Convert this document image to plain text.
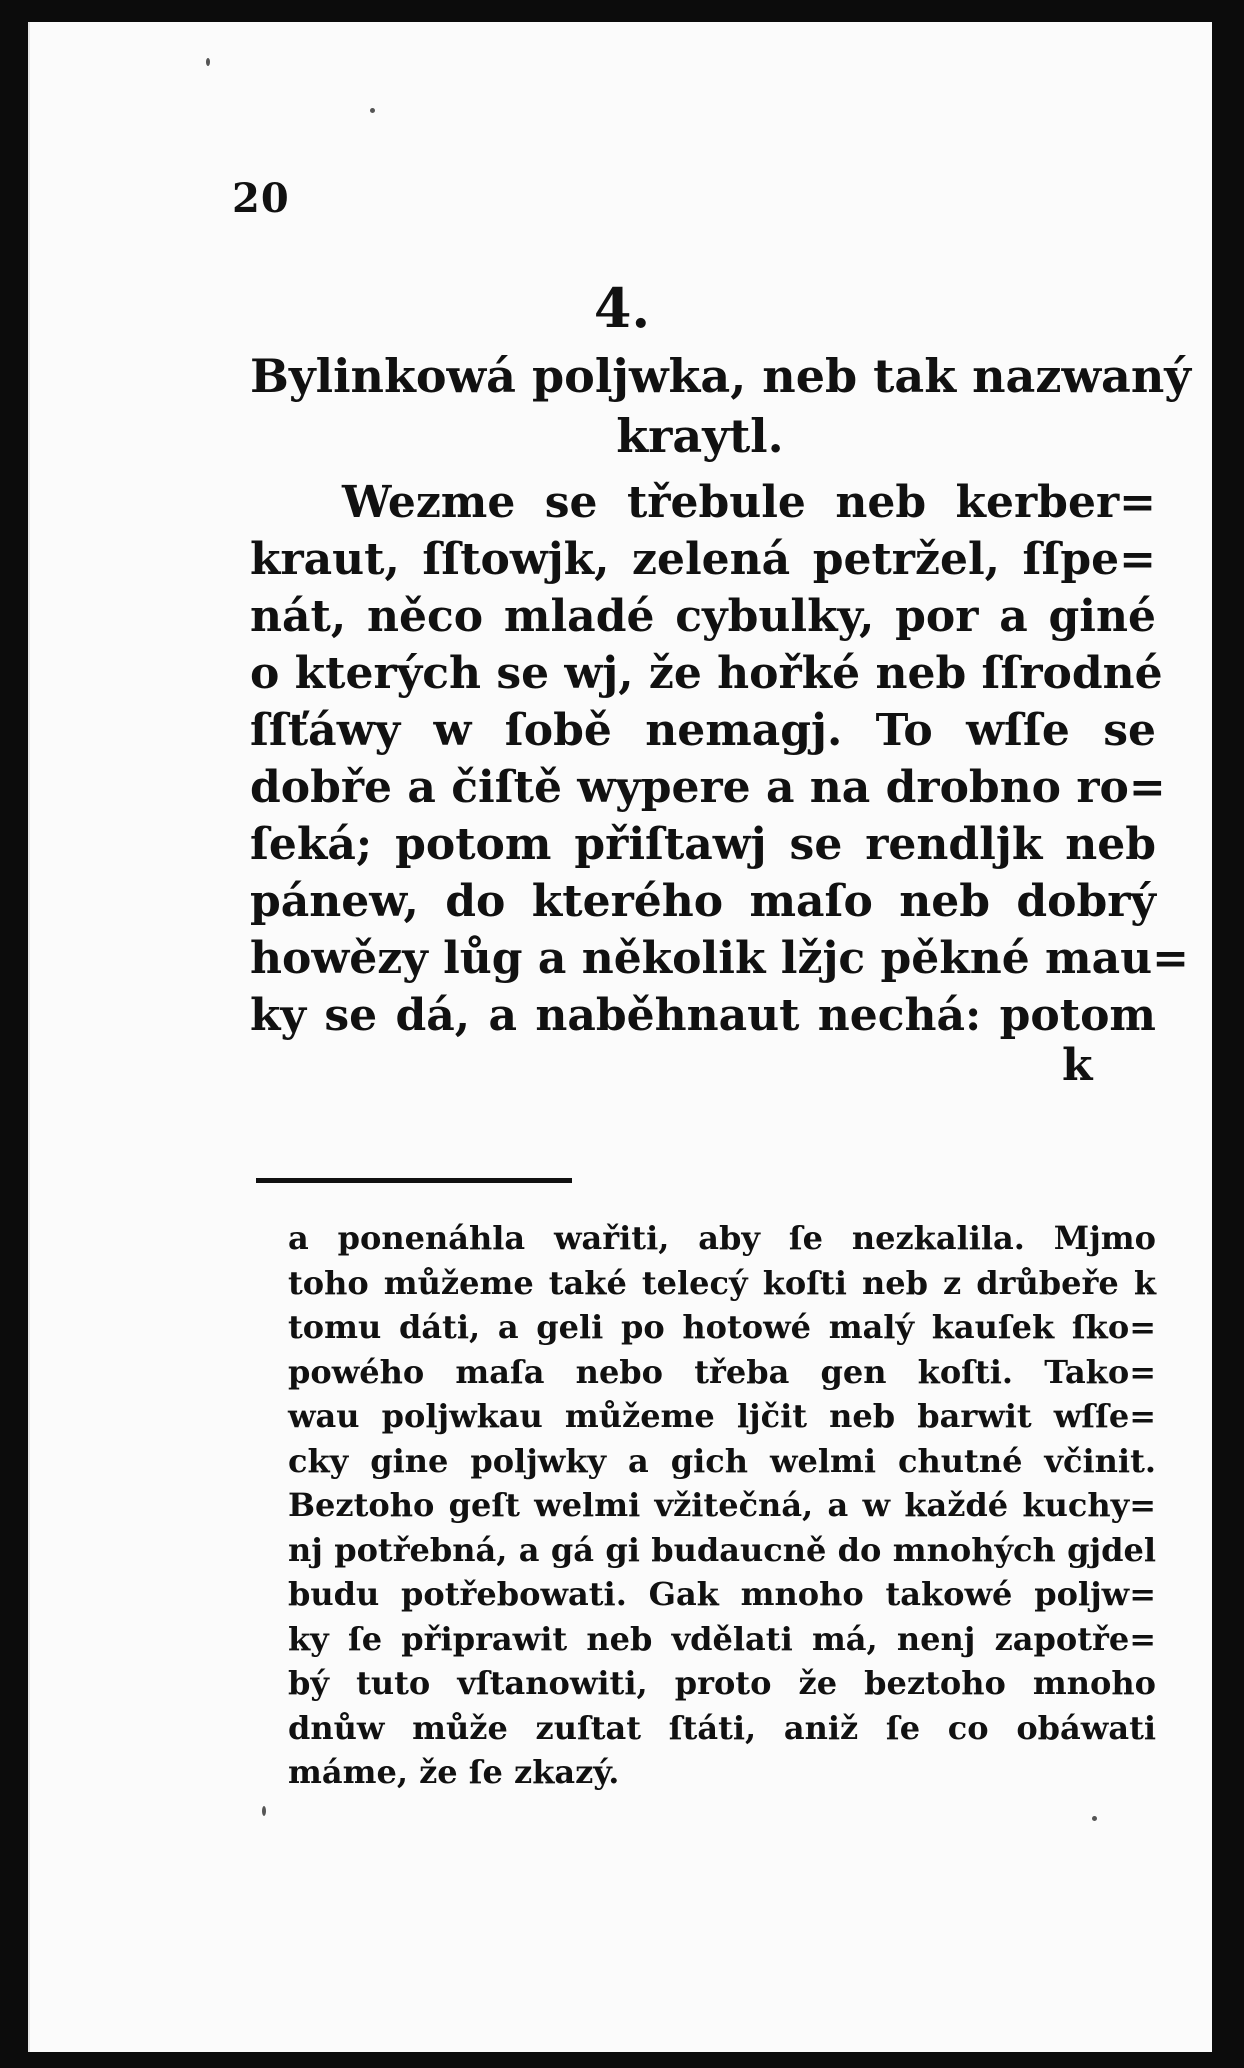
20
4.
Bylinkowá poljwka, neb tak nazwaný
kraytl.
Wezme se třebule neb kerber=
kraut, ſſtowjk, zelená petržel, ſſpe=
nát, něco mladé cybulky, por a giné
o kterých se wj, že hořké neb ſſrodné
ſſťáwy w ſobě nemagj. To wſſe se
dobře a čiſtě wypere a na drobno ro=
ſeká; potom přiſtawj se rendljk neb
pánew, do kterého maſo neb dobrý
howězy lůg a několik lžjc pěkné mau=
ky se dá, a naběhnaut nechá: potom
k
a ponenáhla wařiti, aby ſe nezkalila. Mjmo
toho můžeme také telecý koſti neb z drůbeře k
tomu dáti, a geli po hotowé malý kauſek ſko=
powého maſa nebo třeba gen koſti. Tako=
wau poljwkau můžeme ljčit neb barwit wſſe=
cky gine poljwky a gich welmi chutné včinit.
Beztoho geſt welmi vžitečná, a w každé kuchy=
nj potřebná, a gá gi budaucně do mnohých gjdel
budu potřebowati. Gak mnoho takowé poljw=
ky ſe připrawit neb vdělati má, nenj zapotře=
bý tuto vſtanowiti, proto že beztoho mnoho
dnůw může zuſtat ſtáti, aniž ſe co obáwati
máme, že ſe zkazý.
